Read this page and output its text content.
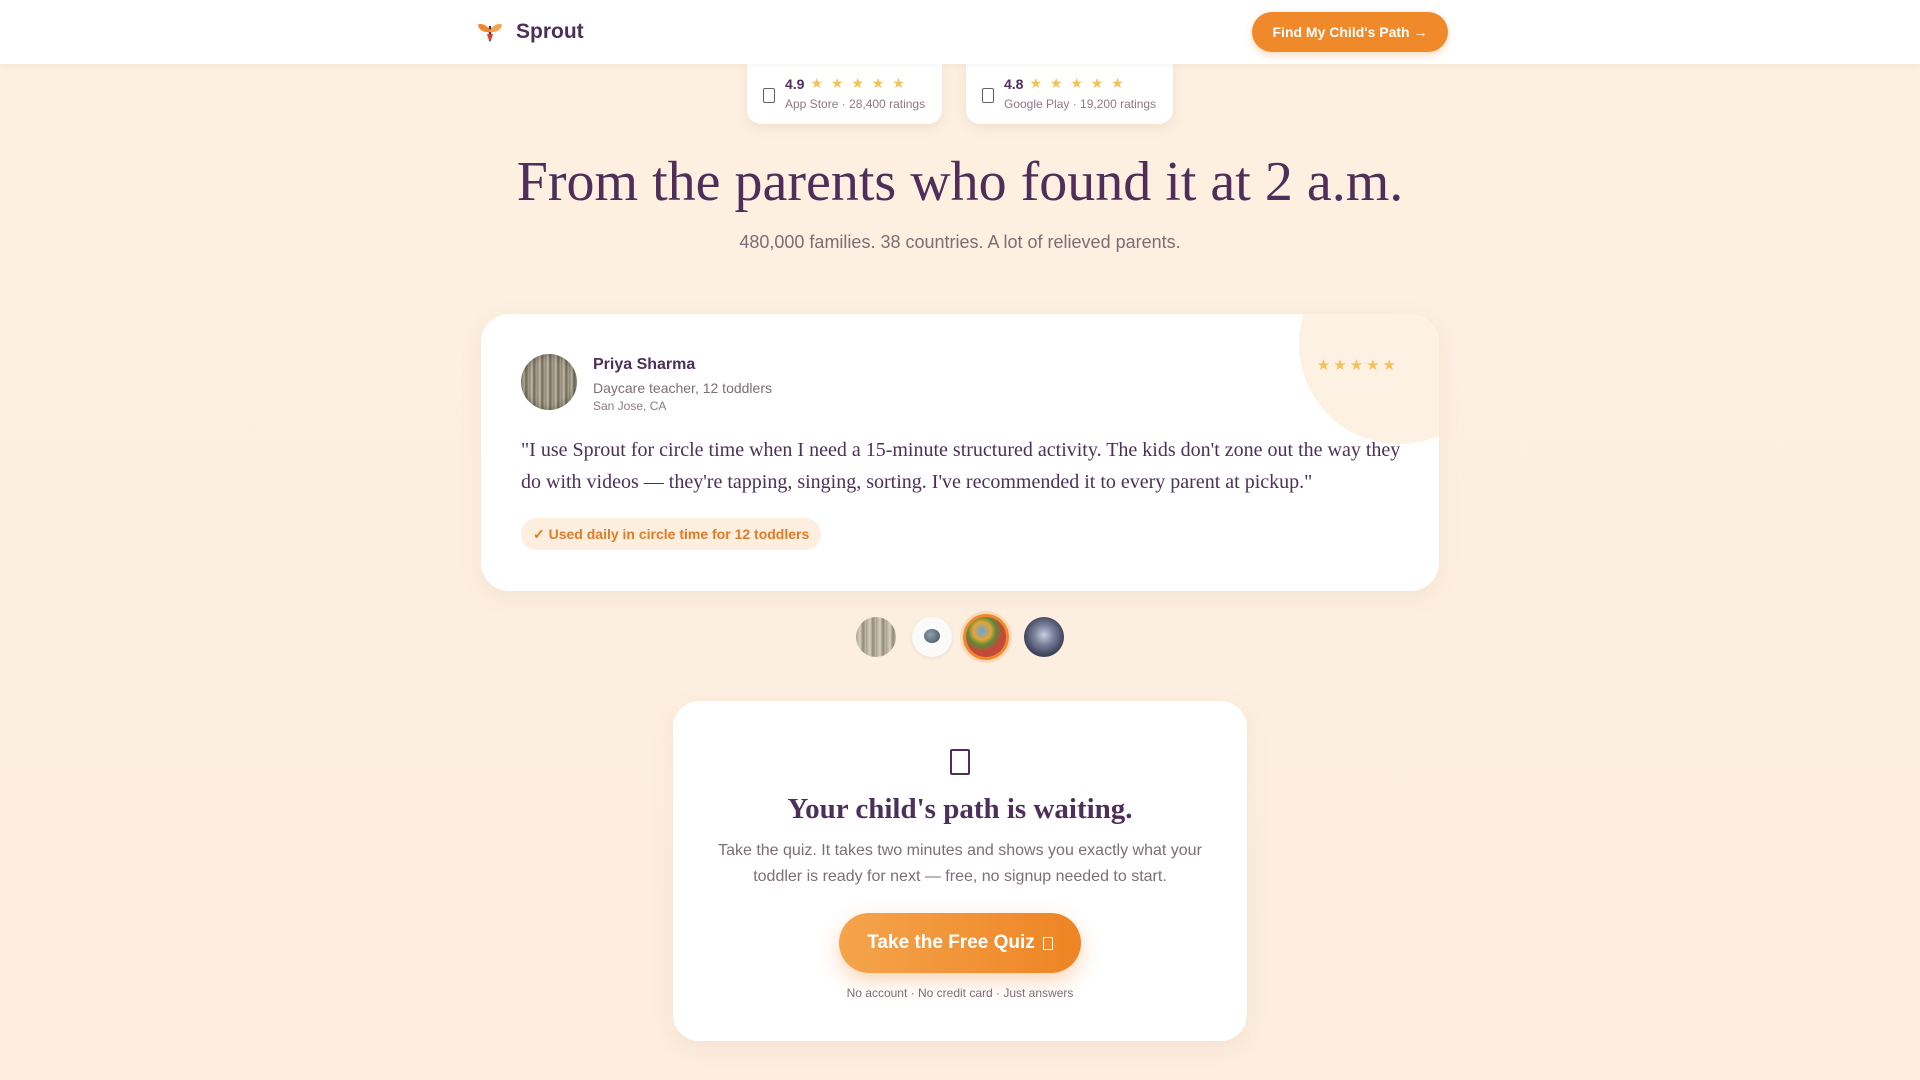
Sprout	Find My Child's Path →
4.9 ★ ★ ★ ★ ★
App Store · 28,400 ratings
4.8 ★ ★ ★ ★ ★
Google Play · 19,200 ratings
From the parents who found it at 2 a.m.

480,000 families. 38 countries. A lot of relieved parents.

Priya Sharma
Daycare teacher, 12 toddlers
San Jose, CA
★★★★★

"I use Sprout for circle time when I need a 15-minute structured activity. The kids don't zone out the way they do with videos — they're tapping, singing, sorting. I've recommended it to every parent at pickup."

✓ Used daily in circle time for 12 toddlers
Your child's path is waiting.

Take the quiz. It takes two minutes and shows you exactly what your toddler is ready for next — free, no signup needed to start.

Take the Free Quiz
No account · No credit card · Just answers
